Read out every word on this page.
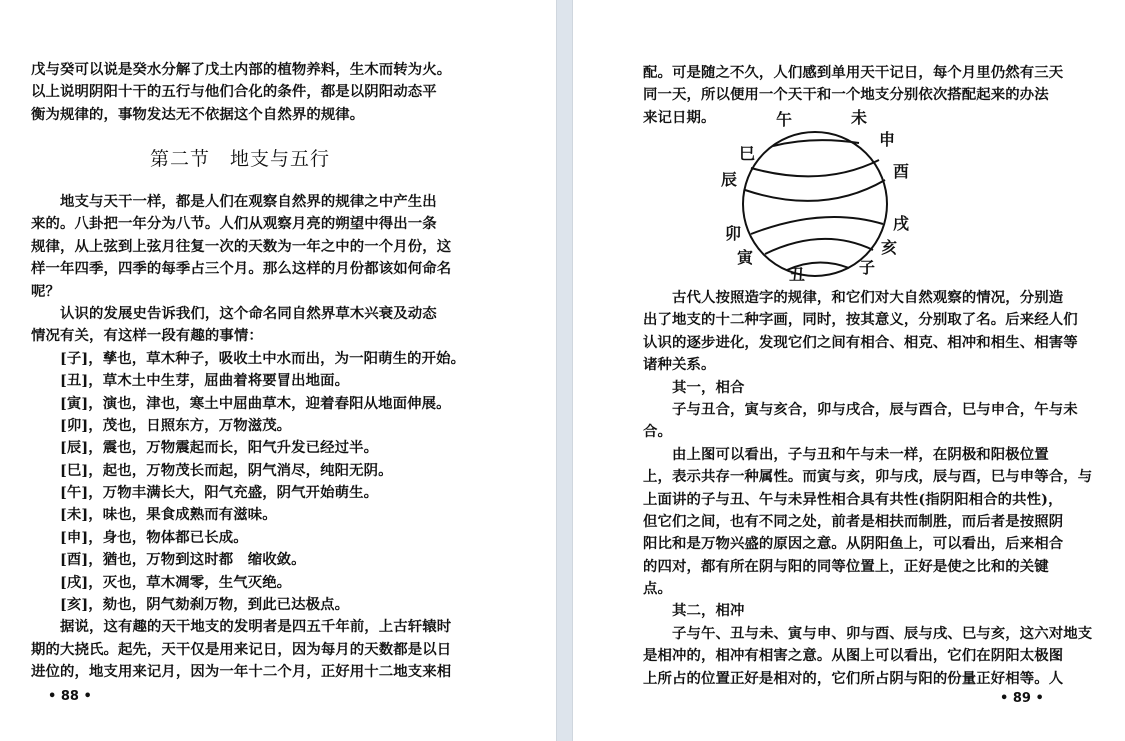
戊与癸可以说是癸水分解了戊土内部的植物养料，生木而转为火。
以上说明阴阳十干的五行与他们合化的条件，都是以阴阳动态平
衡为规律的，事物发达无不依据这个自然界的规律。
第二节　地支与五行
地支与天干一样，都是人们在观察自然界的规律之中产生出
来的。八卦把一年分为八节。人们从观察月亮的朔望中得出一条
规律，从上弦到上弦月往复一次的天数为一年之中的一个月份，这
样一年四季，四季的每季占三个月。那么这样的月份都该如何命名
呢？
认识的发展史告诉我们，这个命名同自然界草木兴衰及动态
情况有关，有这样一段有趣的事情：
[子]，孳也，草木种子，吸收土中水而出，为一阳萌生的开始。
[丑]，草木土中生芽，屈曲着将要冒出地面。
[寅]，演也，津也，寒土中屈曲草木，迎着春阳从地面伸展。
[卯]，茂也，日照东方，万物滋茂。
[辰]，震也，万物震起而长，阳气升发已经过半。
[巳]，起也，万物茂长而起，阴气消尽，纯阳无阴。
[午]，万物丰满长大，阳气充盛，阴气开始萌生。
[未]，味也，果食成熟而有滋味。
[申]，身也，物体都已长成。
[酉]，猶也，万物到这时都　缩收敛。
[戌]，灭也，草木凋零，生气灭绝。
[亥]，劾也，阴气劾刹万物，到此已达极点。
据说，这有趣的天干地支的发明者是四五千年前，上古轩辕时
期的大挠氏。起先，天干仅是用来记日，因为每月的天数都是以日
进位的，地支用来记月，因为一年十二个月，正好用十二地支来相
• 88 •
配。可是随之不久，人们感到单用天干记日，每个月里仍然有三天
同一天，所以便用一个天干和一个地支分别依次搭配起来的办法
来记日期。	午	未
申
酉
戌
亥
子
丑
寅
卯
辰
巳
古代人按照造字的规律，和它们对大自然观察的情况，分别造
出了地支的十二种字画，同时，按其意义，分别取了名。后来经人们
认识的逐步进化，发现它们之间有相合、相克、相冲和相生、相害等
诸种关系。
其一，相合
子与丑合，寅与亥合，卯与戌合，辰与酉合，巳与申合，午与未
合。
由上图可以看出，子与丑和午与未一样，在阴极和阳极位置
上，表示共存一种属性。而寅与亥，卯与戌，辰与酉，巳与申等合，与
上面讲的子与丑、午与未异性相合具有共性(指阴阳相合的共性)，
但它们之间，也有不同之处，前者是相扶而制胜，而后者是按照阴
阳比和是万物兴盛的原因之意。从阴阳鱼上，可以看出，后来相合
的四对，都有所在阴与阳的同等位置上，正好是使之比和的关键
点。
其二，相冲
子与午、丑与未、寅与申、卯与酉、辰与戌、巳与亥，这六对地支
是相冲的，相冲有相害之意。从图上可以看出，它们在阴阳太极图
上所占的位置正好是相对的，它们所占阴与阳的份量正好相等。人
• 89 •
